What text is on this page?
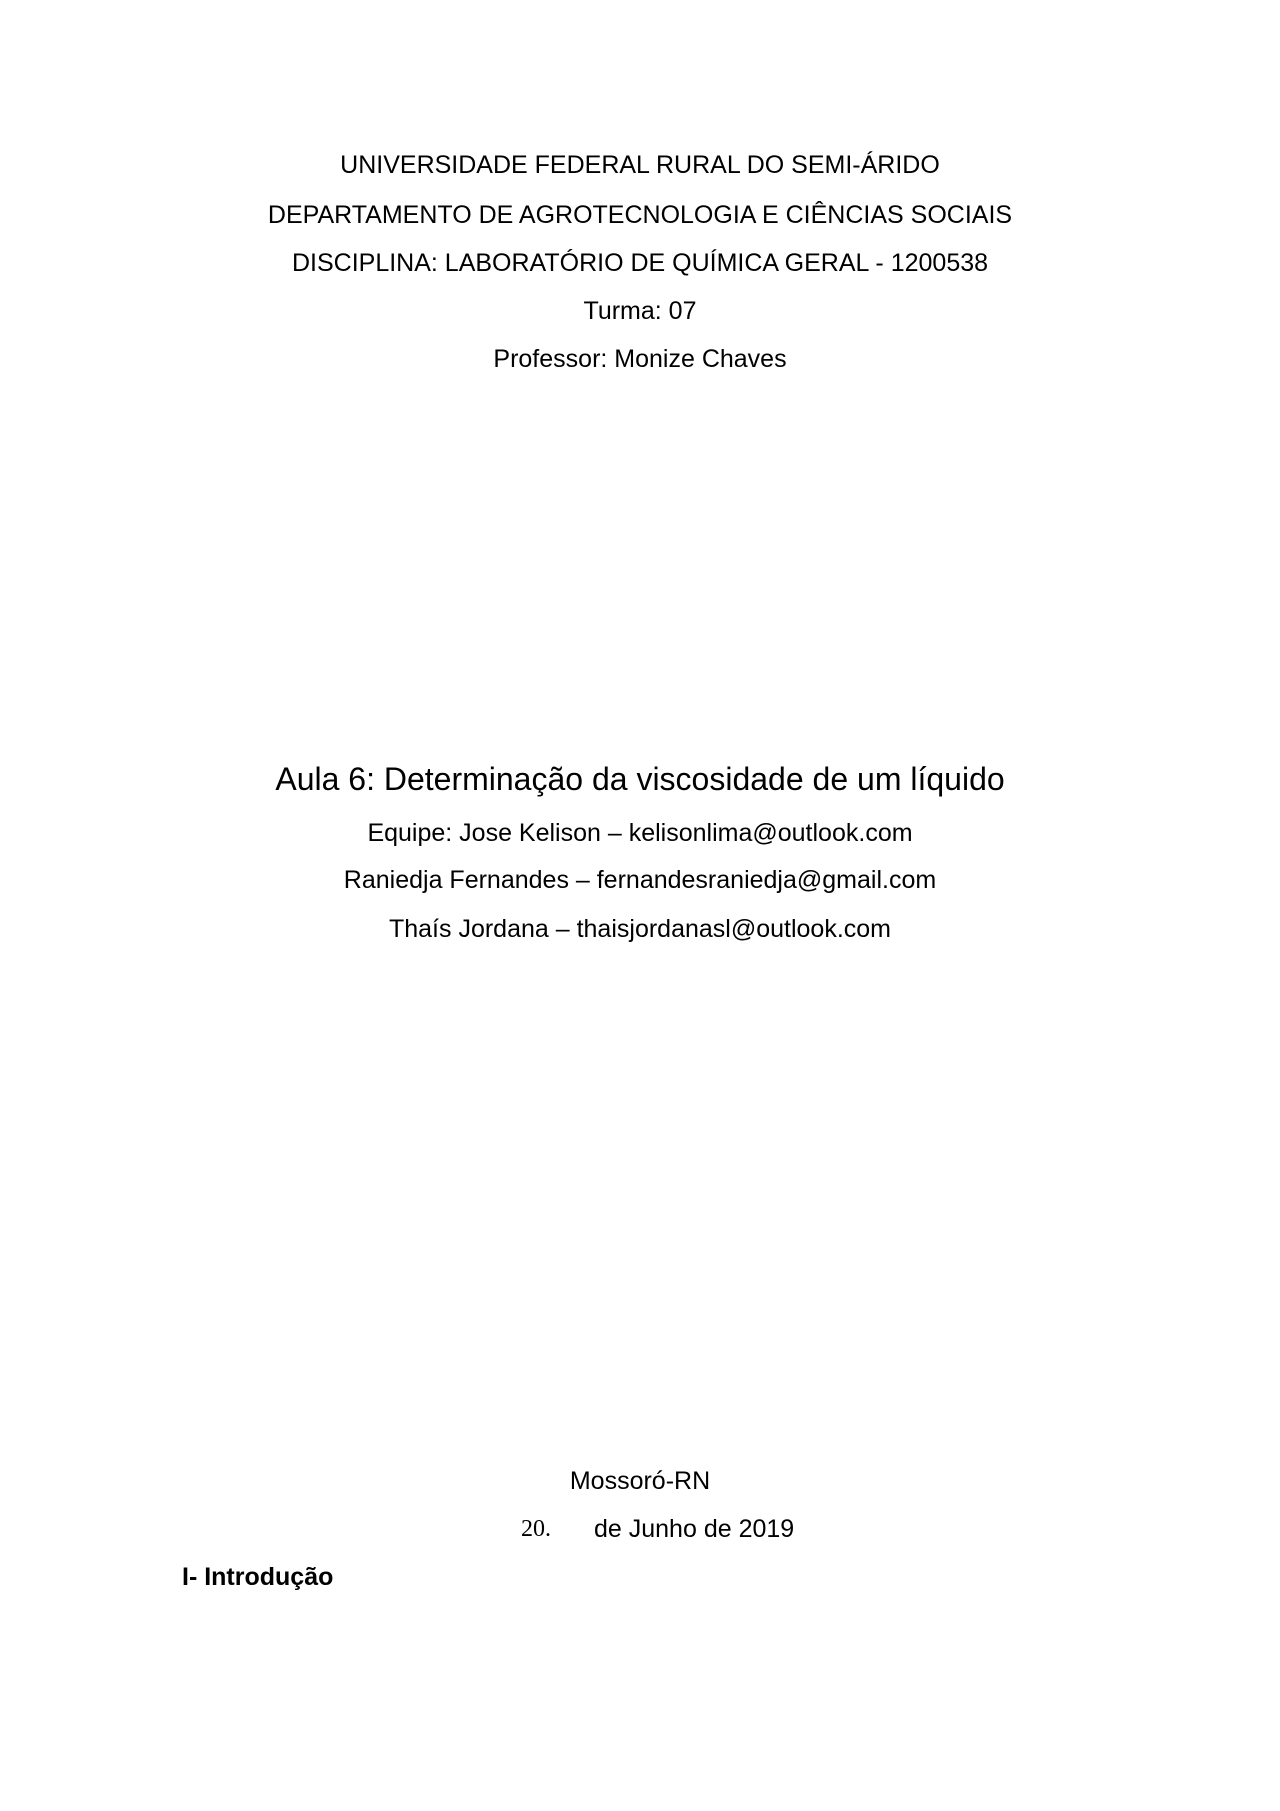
UNIVERSIDADE FEDERAL RURAL DO SEMI-ÁRIDO
DEPARTAMENTO DE AGROTECNOLOGIA E CIÊNCIAS SOCIAIS
DISCIPLINA: LABORATÓRIO DE QUÍMICA GERAL - 1200538
Turma: 07
Professor: Monize Chaves
Aula 6: Determinação da viscosidade de um líquido
Equipe: Jose Kelison – kelisonlima@outlook.com
Raniedja Fernandes – fernandesraniedja@gmail.com
Thaís Jordana – thaisjordanasl@outlook.com
Mossoró-RN
20. de Junho de 2019
I- Introdução
